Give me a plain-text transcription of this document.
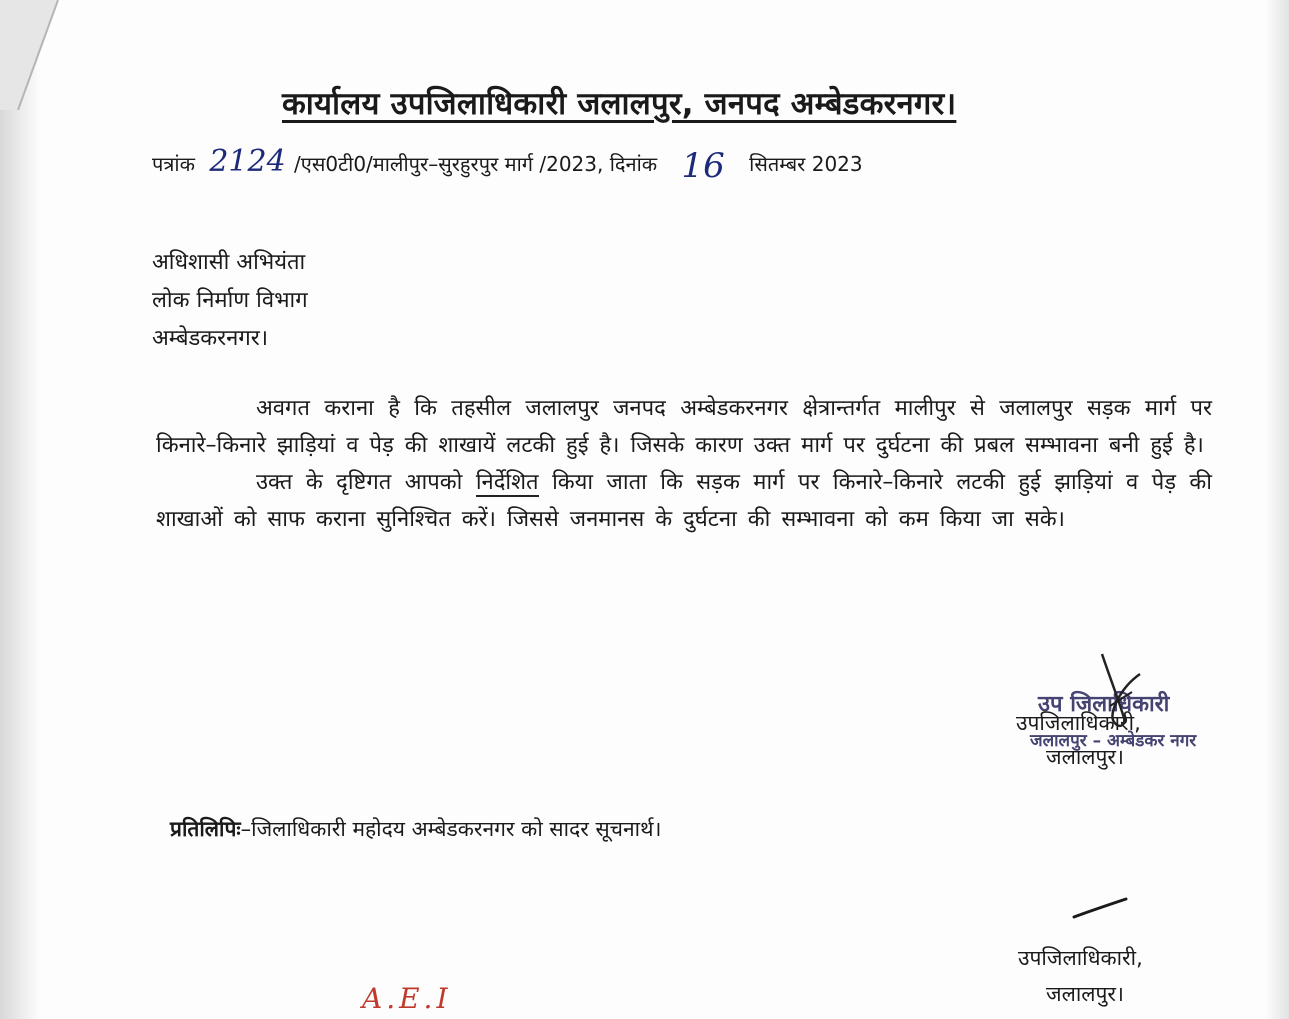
कार्यालय उपजिलाधिकारी जलालपुर, जनपद अम्बेडकरनगर।
पत्रांक 2124 /एस0टी0/मालीपुर–सुरहुरपुर मार्ग /2023, दिनांक 16 सितम्बर 2023
अधिशासी अभियंता
लोक निर्माण विभाग
अम्बेडकरनगर।
अवगत कराना है कि तहसील जलालपुर जनपद अम्बेडकरनगर क्षेत्रान्तर्गत मालीपुर से जलालपुर सड़क मार्ग पर किनारे–किनारे झाड़ियां व पेड़ की शाखायें लटकी हुई है। जिसके कारण उक्त मार्ग पर दुर्घटना की प्रबल सम्भावना बनी हुई है।
उक्त के दृष्टिगत आपको निर्देशित किया जाता कि सड़क मार्ग पर किनारे–किनारे लटकी हुई झाड़ियां व पेड़ की शाखाओं को साफ कराना सुनिश्चित करें। जिससे जनमानस के दुर्घटना की सम्भावना को कम किया जा सके।
उप जिलाधिकारी
जलालपुर – अम्बेडकर नगर
उपजिलाधिकारी,
जलालपुर।
प्रतिलिपिः–जिलाधिकारी महोदय अम्बेडकरनगर को सादर सूचनार्थ।
उपजिलाधिकारी,
जलालपुर।
A.E.I
